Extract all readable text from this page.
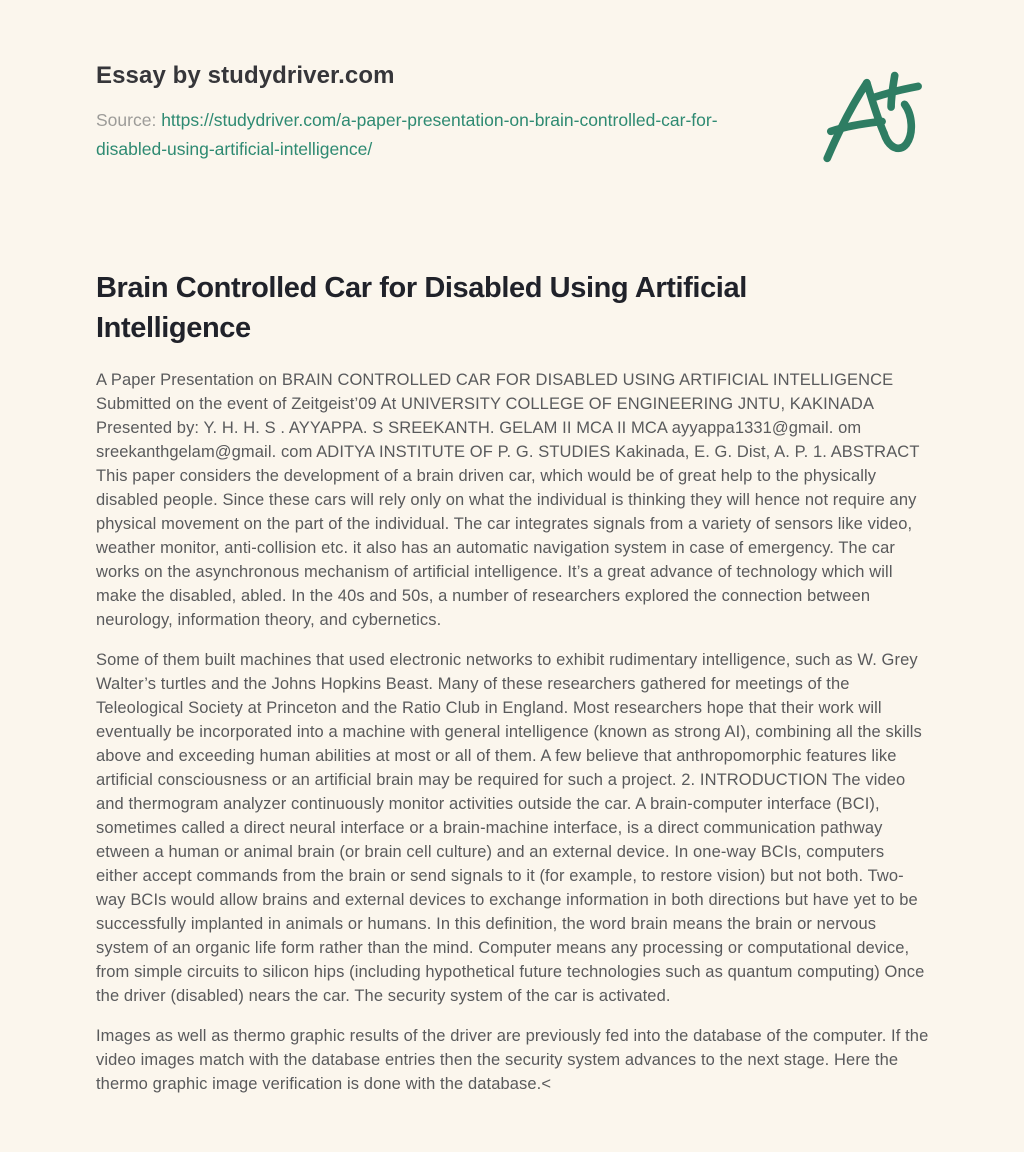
Essay by studydriver.com
Source: https://studydriver.com/a-paper-presentation-on-brain-controlled-car-for-disabled-using-artificial-intelligence/
Brain Controlled Car for Disabled Using Artificial Intelligence

A Paper Presentation on BRAIN CONTROLLED CAR FOR DISABLED USING ARTIFICIAL INTELLIGENCE Submitted on the event of Zeitgeist’09 At UNIVERSITY COLLEGE OF ENGINEERING JNTU, KAKINADA Presented by: Y. H. H. S . AYYAPPA. S SREEKANTH. GELAM II MCA II MCA ayyappa1331@gmail. om sreekanthgelam@gmail. com ADITYA INSTITUTE OF P. G. STUDIES Kakinada, E. G. Dist, A. P. 1. ABSTRACT This paper considers the development of a brain driven car, which would be of great help to the physically disabled people. Since these cars will rely only on what the individual is thinking they will hence not require any physical movement on the part of the individual. The car integrates signals from a variety of sensors like video, weather monitor, anti-collision etc. it also has an automatic navigation system in case of emergency. The car works on the asynchronous mechanism of artificial intelligence. It’s a great advance of technology which will make the disabled, abled. In the 40s and 50s, a number of researchers explored the connection between neurology, information theory, and cybernetics.

Some of them built machines that used electronic networks to exhibit rudimentary intelligence, such as W. Grey Walter’s turtles and the Johns Hopkins Beast. Many of these researchers gathered for meetings of the Teleological Society at Princeton and the Ratio Club in England. Most researchers hope that their work will eventually be incorporated into a machine with general intelligence (known as strong AI), combining all the skills above and exceeding human abilities at most or all of them. A few believe that anthropomorphic features like artificial consciousness or an artificial brain may be required for such a project. 2. INTRODUCTION The video and thermogram analyzer continuously monitor activities outside the car. A brain-computer interface (BCI), sometimes called a direct neural interface or a brain-machine interface, is a direct communication pathway etween a human or animal brain (or brain cell culture) and an external device. In one-way BCIs, computers either accept commands from the brain or send signals to it (for example, to restore vision) but not both. Two-way BCIs would allow brains and external devices to exchange information in both directions but have yet to be successfully implanted in animals or humans. In this definition, the word brain means the brain or nervous system of an organic life form rather than the mind. Computer means any processing or computational device, from simple circuits to silicon hips (including hypothetical future technologies such as quantum computing) Once the driver (disabled) nears the car. The security system of the car is activated.

Images as well as thermo graphic results of the driver are previously fed into the database of the computer. If the video images match with the database entries then the security system advances to the next stage. Here the thermo graphic image verification is done with the database.<
